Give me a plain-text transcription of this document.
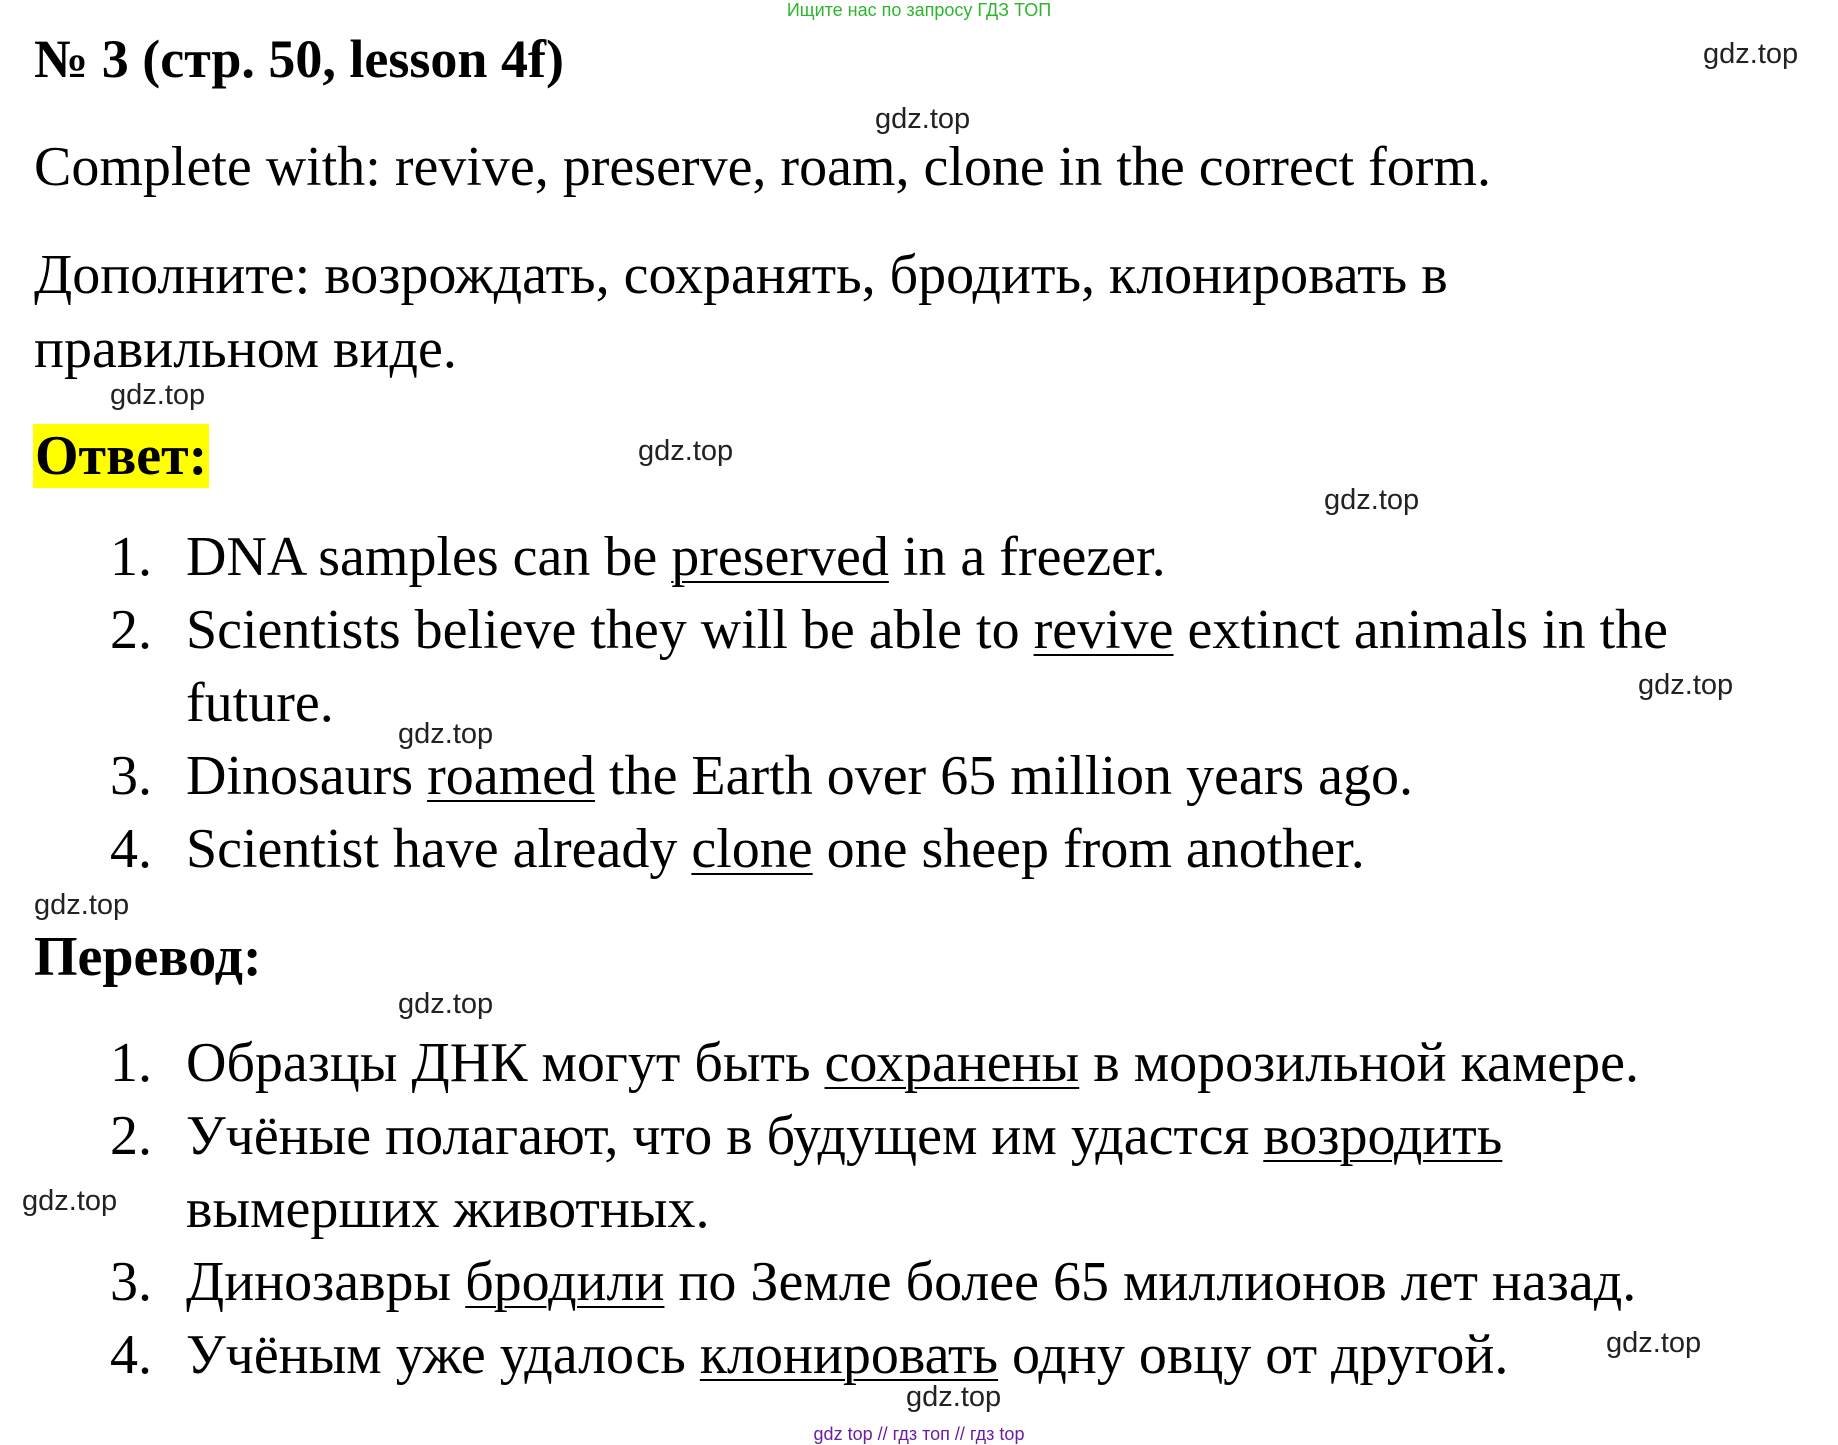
Ищите нас по запросу ГДЗ ТОП
№ 3 (стр. 50, lesson 4f)
Complete with: revive, preserve, roam, clone in the correct form.
Дополните: возрождать, сохранять, бродить, клонировать в правильном виде.
Ответ:
1. DNA samples can be preserved in a freezer.
2. Scientists believe they will be able to revive extinct animals in the future.
3. Dinosaurs roamed the Earth over 65 million years ago.
4. Scientist have already clone one sheep from another.
Перевод:
1. Образцы ДНК могут быть сохранены в морозильной камере.
2. Учёные полагают, что в будущем им удастся возродить вымерших животных.
3. Динозавры бродили по Земле более 65 миллионов лет назад.
4. Учёным уже удалось клонировать одну овцу от другой.
gdz.top
gdz.top
gdz.top
gdz.top
gdz.top
gdz.top
gdz.top
gdz.top
gdz.top
gdz.top
gdz.top
gdz.top
gdz top // гдз топ // гдз top
